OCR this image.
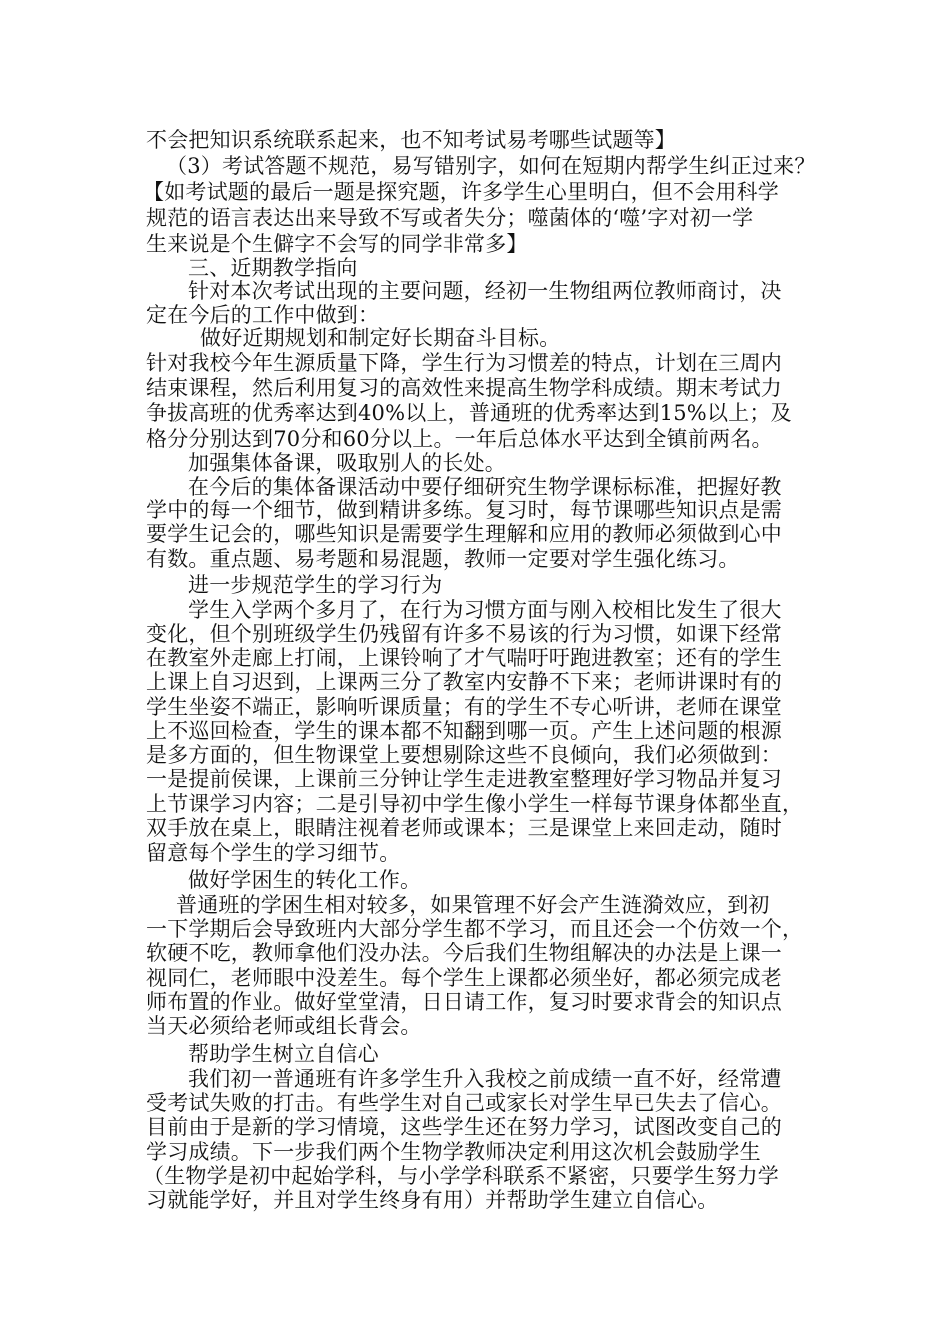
不会把知识系统联系起来，也不知考试易考哪些试题等】
（3）考试答题不规范，易写错别字，如何在短期内帮学生纠正过来？
【如考试题的最后一题是探究题，许多学生心里明白，但不会用科学
规范的语言表达出来导致不写或者失分；噬菌体的‘噬’字对初一学
生来说是个生僻字不会写的同学非常多】
三、近期教学指向
针对本次考试出现的主要问题，经初一生物组两位教师商讨，决
定在今后的工作中做到：
做好近期规划和制定好长期奋斗目标。
针对我校今年生源质量下降，学生行为习惯差的特点，计划在三周内
结束课程，然后利用复习的高效性来提高生物学科成绩。期末考试力
争拔高班的优秀率达到40%以上，普通班的优秀率达到15%以上；及
格分分别达到70分和60分以上。一年后总体水平达到全镇前两名。
加强集体备课，吸取别人的长处。
在今后的集体备课活动中要仔细研究生物学课标标准，把握好教
学中的每一个细节，做到精讲多练。复习时，每节课哪些知识点是需
要学生记会的，哪些知识是需要学生理解和应用的教师必须做到心中
有数。重点题、易考题和易混题，教师一定要对学生强化练习。
进一步规范学生的学习行为
学生入学两个多月了，在行为习惯方面与刚入校相比发生了很大
变化，但个别班级学生仍残留有许多不易该的行为习惯，如课下经常
在教室外走廊上打闹，上课铃响了才气喘吁吁跑进教室；还有的学生
上课上自习迟到，上课两三分了教室内安静不下来；老师讲课时有的
学生坐姿不端正，影响听课质量；有的学生不专心听讲，老师在课堂
上不巡回检查，学生的课本都不知翻到哪一页。产生上述问题的根源
是多方面的，但生物课堂上要想剔除这些不良倾向，我们必须做到：
一是提前侯课，上课前三分钟让学生走进教室整理好学习物品并复习
上节课学习内容；二是引导初中学生像小学生一样每节课身体都坐直，
双手放在桌上，眼睛注视着老师或课本；三是课堂上来回走动，随时
留意每个学生的学习细节。
做好学困生的转化工作。
普通班的学困生相对较多，如果管理不好会产生涟漪效应，到初
一下学期后会导致班内大部分学生都不学习，而且还会一个仿效一个，
软硬不吃，教师拿他们没办法。今后我们生物组解决的办法是上课一
视同仁，老师眼中没差生。每个学生上课都必须坐好，都必须完成老
师布置的作业。做好堂堂清，日日请工作，复习时要求背会的知识点
当天必须给老师或组长背会。
帮助学生树立自信心
我们初一普通班有许多学生升入我校之前成绩一直不好，经常遭
受考试失败的打击。有些学生对自己或家长对学生早已失去了信心。
目前由于是新的学习情境，这些学生还在努力学习，试图改变自己的
学习成绩。下一步我们两个生物学教师决定利用这次机会鼓励学生
（生物学是初中起始学科，与小学学科联系不紧密，只要学生努力学
习就能学好，并且对学生终身有用）并帮助学生建立自信心。
